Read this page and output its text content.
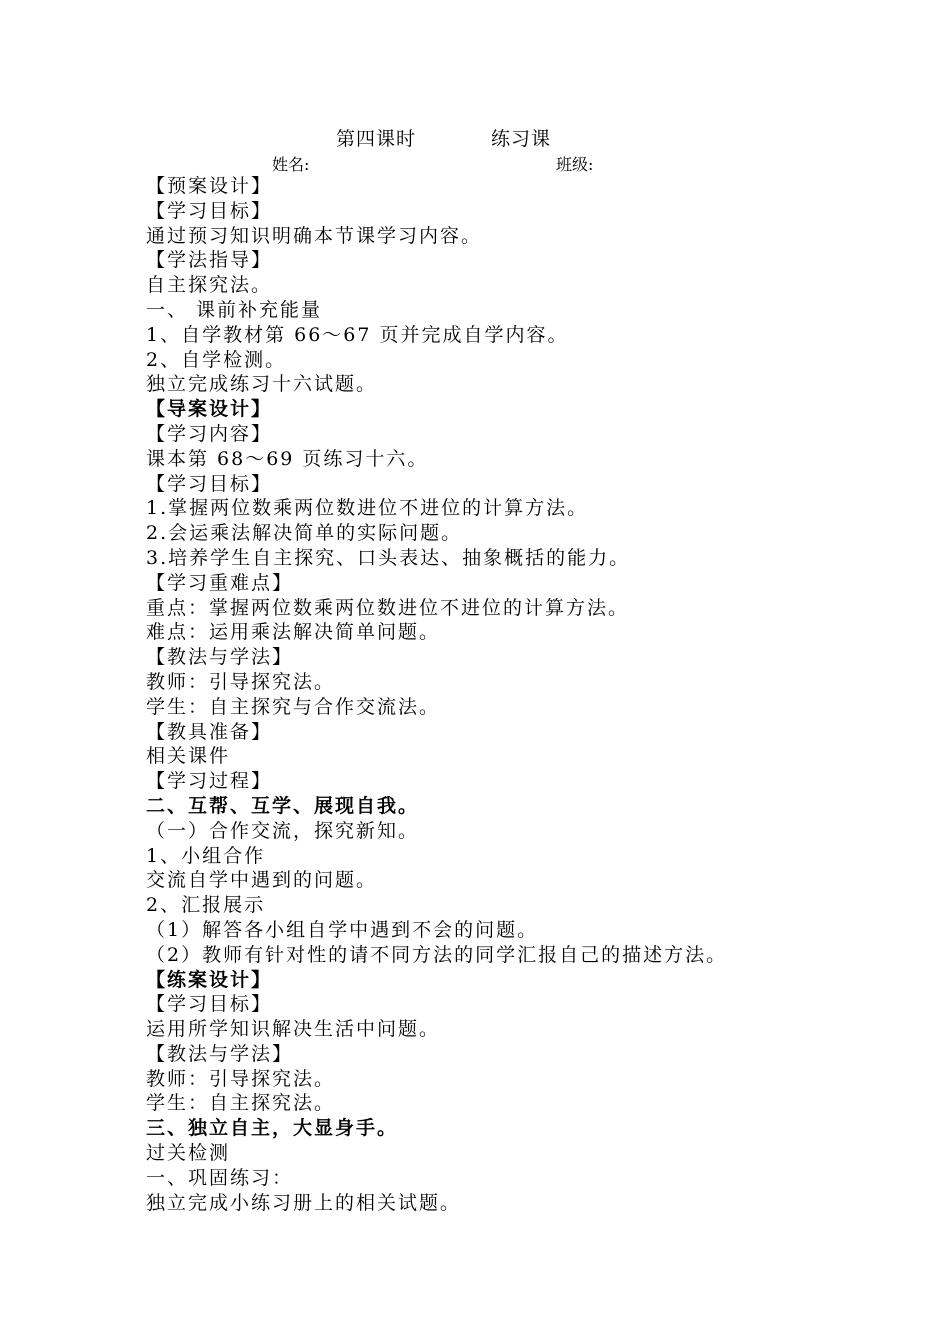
第四课时	练习课
姓名:	班级:
【预案设计】
【学习目标】
通过预习知识明确本节课学习内容。
【学法指导】
自主探究法。
一、 课前补充能量
1、自学教材第 66～67 页并完成自学内容。
2、自学检测。
独立完成练习十六试题。
【导案设计】
【学习内容】
课本第 68～69 页练习十六。
【学习目标】
1.掌握两位数乘两位数进位不进位的计算方法。
2.会运乘法解决简单的实际问题。
3.培养学生自主探究、口头表达、抽象概括的能力。
【学习重难点】
重点：掌握两位数乘两位数进位不进位的计算方法。
难点：运用乘法解决简单问题。
【教法与学法】
教师：引导探究法。
学生：自主探究与合作交流法。
【教具准备】
相关课件
【学习过程】
二、互帮、互学、展现自我。
（一）合作交流，探究新知。
1、小组合作
交流自学中遇到的问题。
2、汇报展示
（1）解答各小组自学中遇到不会的问题。
（2）教师有针对性的请不同方法的同学汇报自己的描述方法。
【练案设计】
【学习目标】
运用所学知识解决生活中问题。
【教法与学法】
教师：引导探究法。
学生：自主探究法。
三、独立自主，大显身手。
过关检测
一、巩固练习：
独立完成小练习册上的相关试题。
